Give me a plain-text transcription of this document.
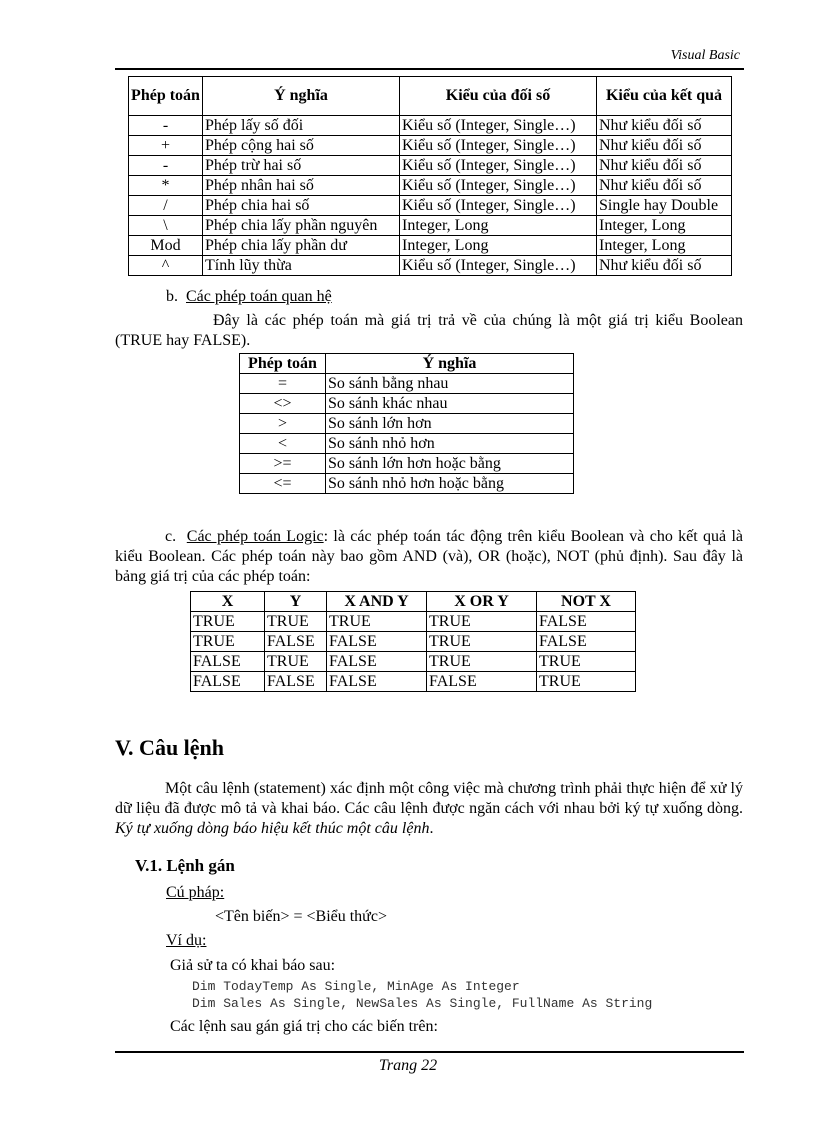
Visual Basic
Phép toán	Ý nghĩa	Kiểu của đối số	Kiểu của kết quả
-	Phép lấy số đối	Kiểu số (Integer, Single…)	Như kiểu đối số
+	Phép cộng hai số	Kiểu số (Integer, Single…)	Như kiểu đối số
-	Phép trừ hai số	Kiểu số (Integer, Single…)	Như kiểu đối số
*	Phép nhân hai số	Kiểu số (Integer, Single…)	Như kiểu đối số
/	Phép chia hai số	Kiểu số (Integer, Single…)	Single hay Double
\	Phép chia lấy phần nguyên	Integer, Long	Integer, Long
Mod	Phép chia lấy phần dư	Integer, Long	Integer, Long
^	Tính lũy thừa	Kiểu số (Integer, Single…)	Như kiểu đối số
b. Các phép toán quan hệ
Đây là các phép toán mà giá trị trả về của chúng là một giá trị kiểu Boolean (TRUE hay FALSE).
Phép toán	Ý nghĩa
=	So sánh bằng nhau
<>	So sánh khác nhau
>	So sánh lớn hơn
<	So sánh nhỏ hơn
>=	So sánh lớn hơn hoặc bằng
<=	So sánh nhỏ hơn hoặc bằng
c. Các phép toán Logic: là các phép toán tác động trên kiểu Boolean và cho kết quả là kiểu Boolean. Các phép toán này bao gồm AND (và), OR (hoặc), NOT (phủ định). Sau đây là bảng giá trị của các phép toán:
X	Y	X AND Y	X OR Y	NOT X
TRUE	TRUE	TRUE	TRUE	FALSE
TRUE	FALSE	FALSE	TRUE	FALSE
FALSE	TRUE	FALSE	TRUE	TRUE
FALSE	FALSE	FALSE	FALSE	TRUE
V. Câu lệnh
Một câu lệnh (statement) xác định một công việc mà chương trình phải thực hiện để xử lý dữ liệu đã được mô tả và khai báo. Các câu lệnh được ngăn cách với nhau bởi ký tự xuống dòng. Ký tự xuống dòng báo hiệu kết thúc một câu lệnh.
V.1. Lệnh gán
Cú pháp:
<Tên biến> = <Biểu thức>
Ví dụ:
Giả sử ta có khai báo sau:
Dim TodayTemp As Single, MinAge As Integer
Dim Sales As Single, NewSales As Single, FullName As String
Các lệnh sau gán giá trị cho các biến trên:
Trang 22
